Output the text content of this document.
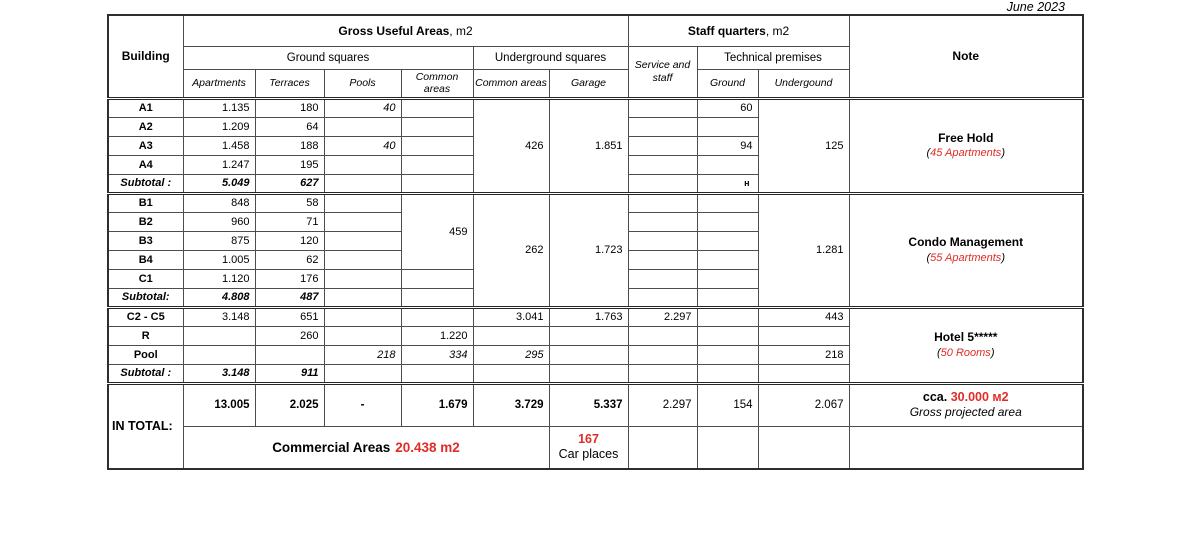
June 2023
Building	Gross Useful Areas, m2						Staff quarters, m2			Note
	Ground squares				Underground squares		Service and staff	Technical premises		
	Apartments	Terraces	Pools	Common areas	Common areas	Garage		Ground	Undergound	
A1	1.135	180	40		426	1.851		60	125	Free Hold
(45 Apartments)

A2	1.209	64								
A3	1.458	188	40					94		
A4	1.247	195								
Subtotal :	5.049	627						н		
B1	848	58		459	262	1.723			1.281	Condo Management
(55 Apartments)

B2	960	71								
B3	875	120								
B4	1.005	62								
C1	1.120	176								
Subtotal:	4.808	487								
C2 - C5	3.148	651			3.041	1.763	2.297		443	Hotel 5*****
(50 Rooms)

R		260		1.220						
Pool			218	334	295				218	
Subtotal :	3.148	911								
IN TOTAL:	13.005	2.025	-	1.679	3.729	5.337	2.297	154	2.067	cca. 30.000 м2
Gross projected area

	Commercial Areas 20.438 m2					167
Car places				
